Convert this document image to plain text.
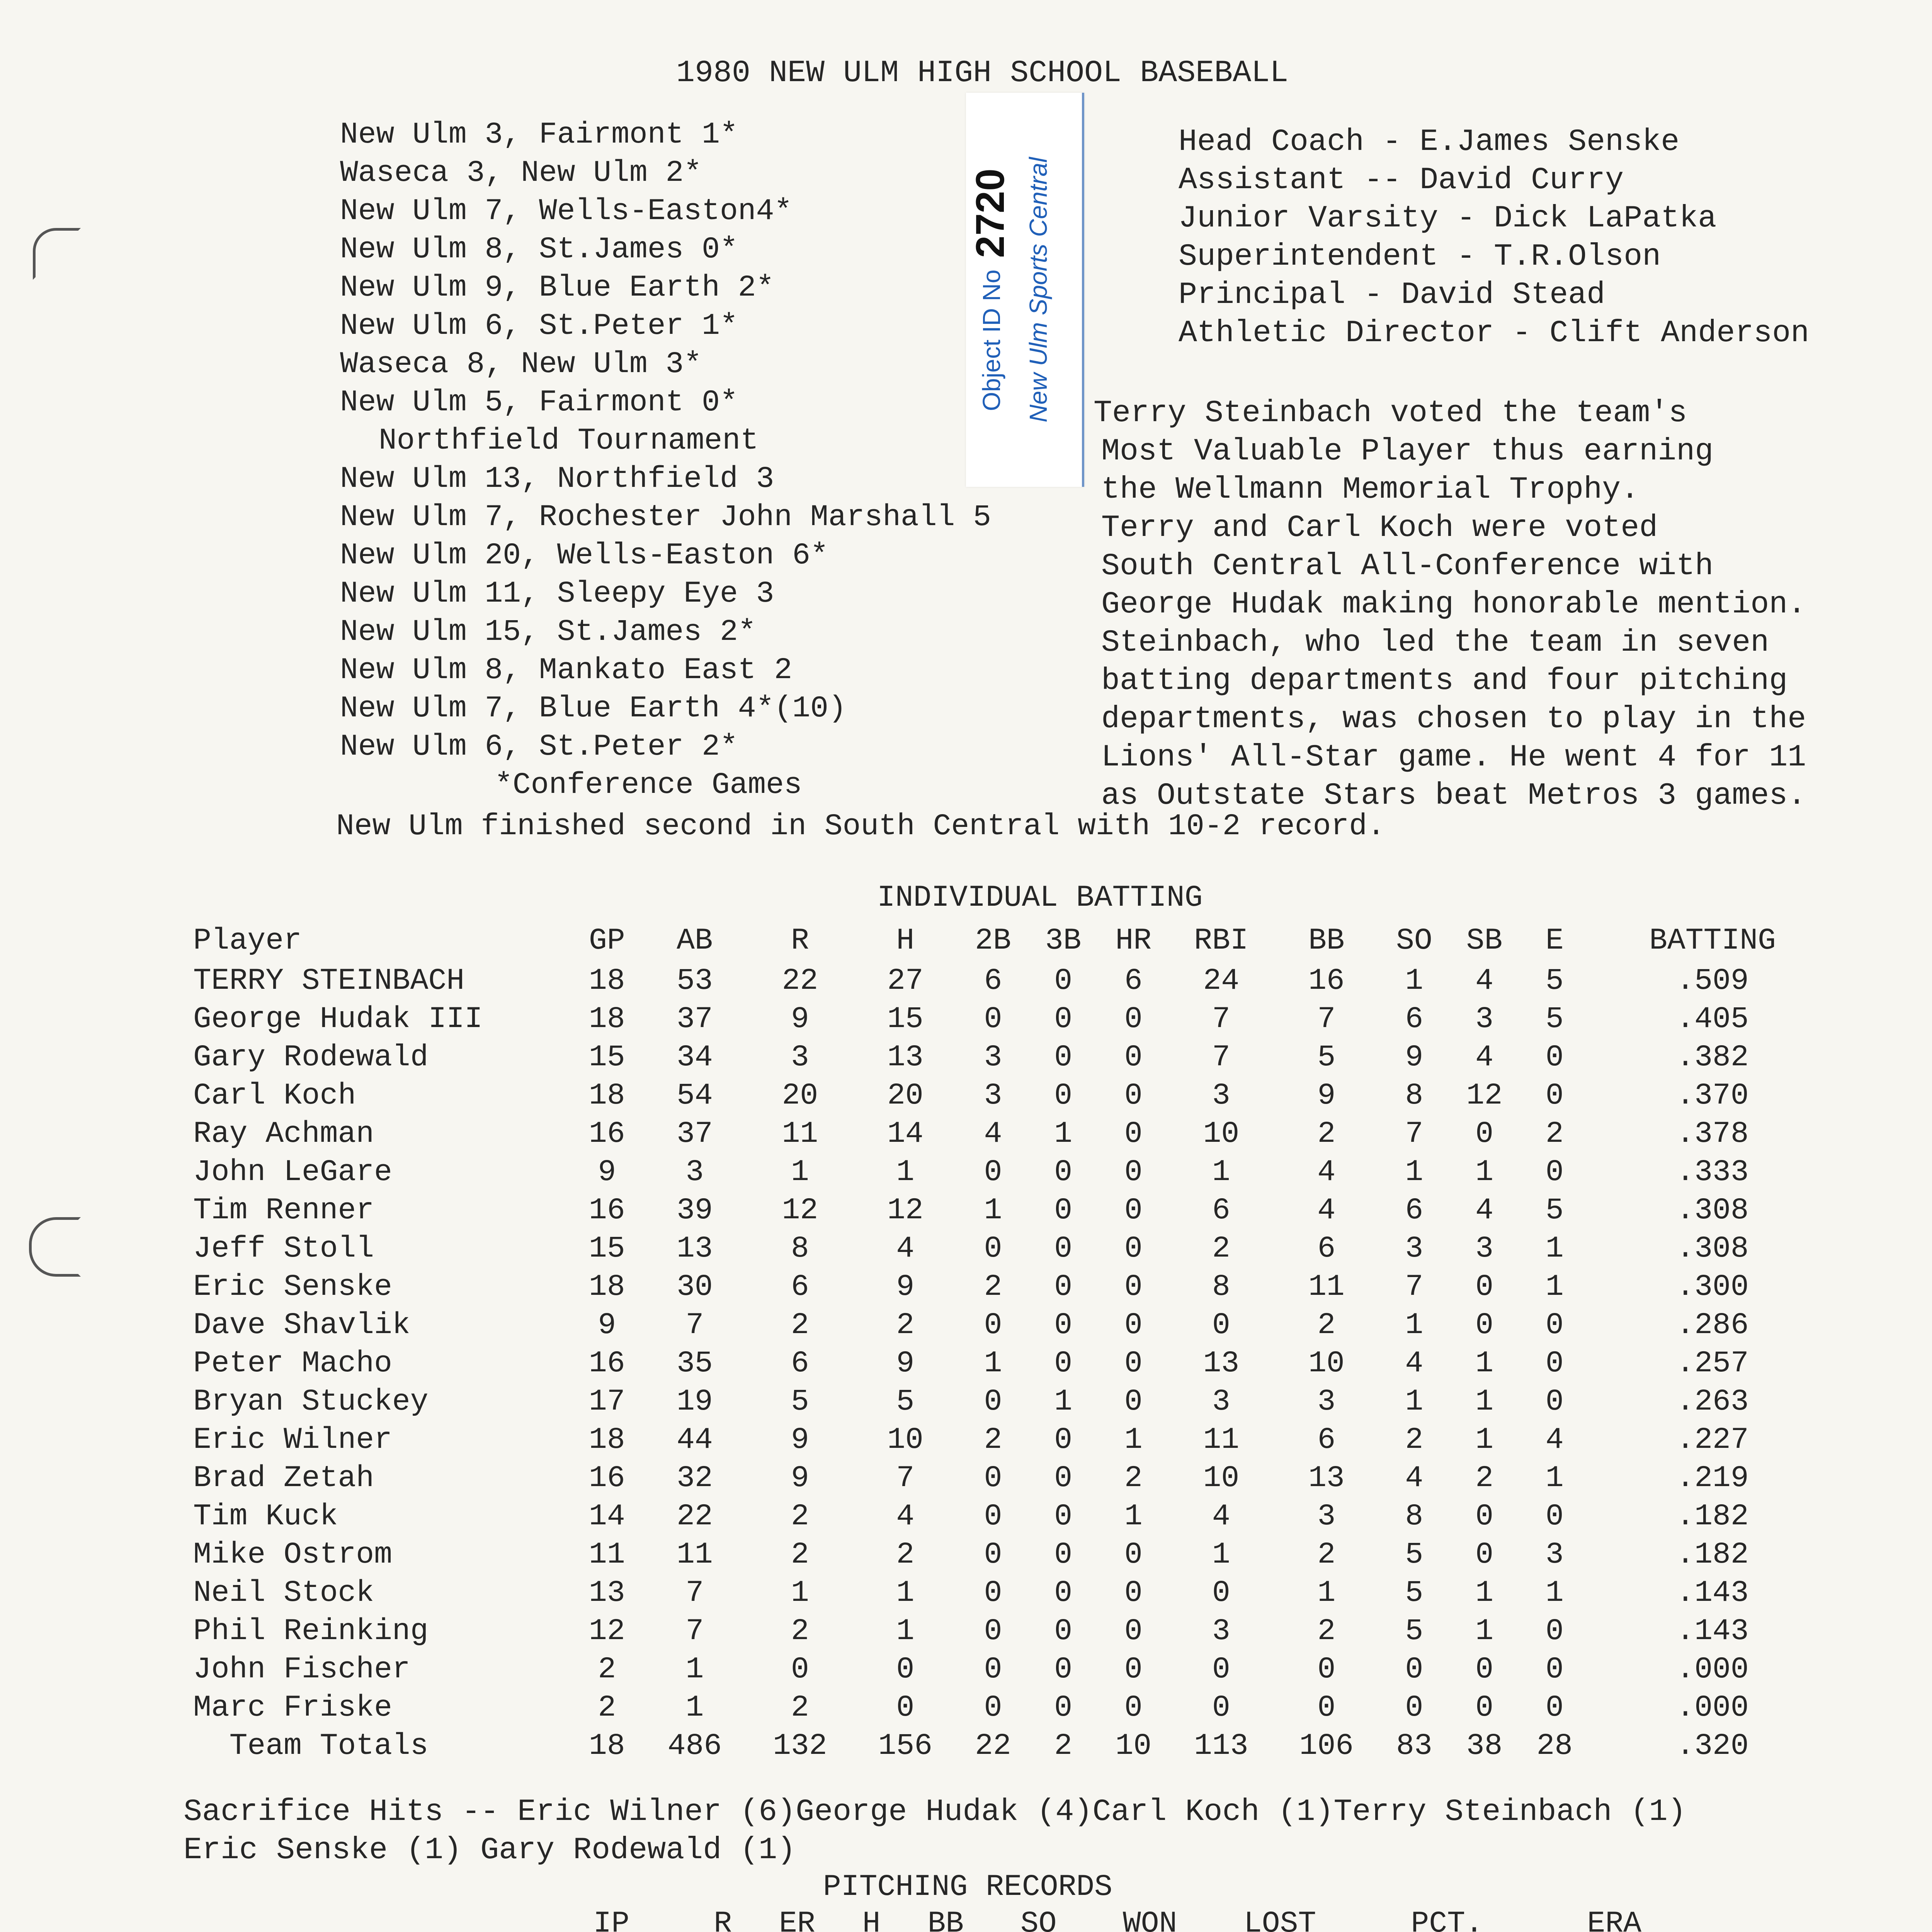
1980 NEW ULM HIGH SCHOOL BASEBALL
New Ulm 3, Fairmont 1*
Waseca 3, New Ulm 2*
New Ulm 7, Wells-Easton4*
New Ulm 8, St.James 0*
New Ulm 9, Blue Earth 2*
New Ulm 6, St.Peter 1*
Waseca 8, New Ulm 3*
New Ulm 5, Fairmont 0*
Northfield Tournament
New Ulm 13, Northfield 3
New Ulm 7, Rochester John Marshall 5
New Ulm 20, Wells-Easton 6*
New Ulm 11, Sleepy Eye 3
New Ulm 15, St.James 2*
New Ulm 8, Mankato East 2
New Ulm 7, Blue Earth 4*(10)
New Ulm 6, St.Peter 2*
*Conference Games
Object ID No2720 New Ulm Sports Central
Head Coach - E.James Senske
Assistant -- David Curry
Junior Varsity - Dick LaPatka
Superintendent - T.R.Olson
Principal - David Stead
Athletic Director - Clift Anderson
Terry Steinbach voted the team's
Most Valuable Player thus earning
the Wellmann Memorial Trophy.
Terry and Carl Koch were voted
South Central All-Conference with
George Hudak making honorable mention.
Steinbach, who led the team in seven
batting departments and four pitching
departments, was chosen to play in the
Lions' All-Star game. He went 4 for 11
as Outstate Stars beat Metros 3 games.
New Ulm finished second in South Central with 10-2 record.
INDIVIDUAL BATTING
Player	GP	AB	R	H	2B	3B	HR	RBI	BB	SO	SB	E	BATTING
TERRY STEINBACH	18	53	22	27	6	0	6	24	16	1	4	5	.509
George Hudak III	18	37	9	15	0	0	0	7	7	6	3	5	.405
Gary Rodewald	15	34	3	13	3	0	0	7	5	9	4	0	.382
Carl Koch	18	54	20	20	3	0	0	3	9	8	12	0	.370
Ray Achman	16	37	11	14	4	1	0	10	2	7	0	2	.378
John LeGare	9	3	1	1	0	0	0	1	4	1	1	0	.333
Tim Renner	16	39	12	12	1	0	0	6	4	6	4	5	.308
Jeff Stoll	15	13	8	4	0	0	0	2	6	3	3	1	.308
Eric Senske	18	30	6	9	2	0	0	8	11	7	0	1	.300
Dave Shavlik	9	7	2	2	0	0	0	0	2	1	0	0	.286
Peter Macho	16	35	6	9	1	0	0	13	10	4	1	0	.257
Bryan Stuckey	17	19	5	5	0	1	0	3	3	1	1	0	.263
Eric Wilner	18	44	9	10	2	0	1	11	6	2	1	4	.227
Brad Zetah	16	32	9	7	0	0	2	10	13	4	2	1	.219
Tim Kuck	14	22	2	4	0	0	1	4	3	8	0	0	.182
Mike Ostrom	11	11	2	2	0	0	0	1	2	5	0	3	.182
Neil Stock	13	7	1	1	0	0	0	0	1	5	1	1	.143
Phil Reinking	12	7	2	1	0	0	0	3	2	5	1	0	.143
John Fischer	2	1	0	0	0	0	0	0	0	0	0	0	.000
Marc Friske	2	1	2	0	0	0	0	0	0	0	0	0	.000
Team Totals	18	486	132	156	22	2	10	113	106	83	38	28	.320
Sacrifice Hits -- Eric Wilner (6)George Hudak (4)Carl Koch (1)Terry Steinbach (1)
Eric Senske (1) Gary Rodewald (1)
PITCHING RECORDS
	IP	R	ER	H	BB	SO	WON	LOST	PCT.	ERA
